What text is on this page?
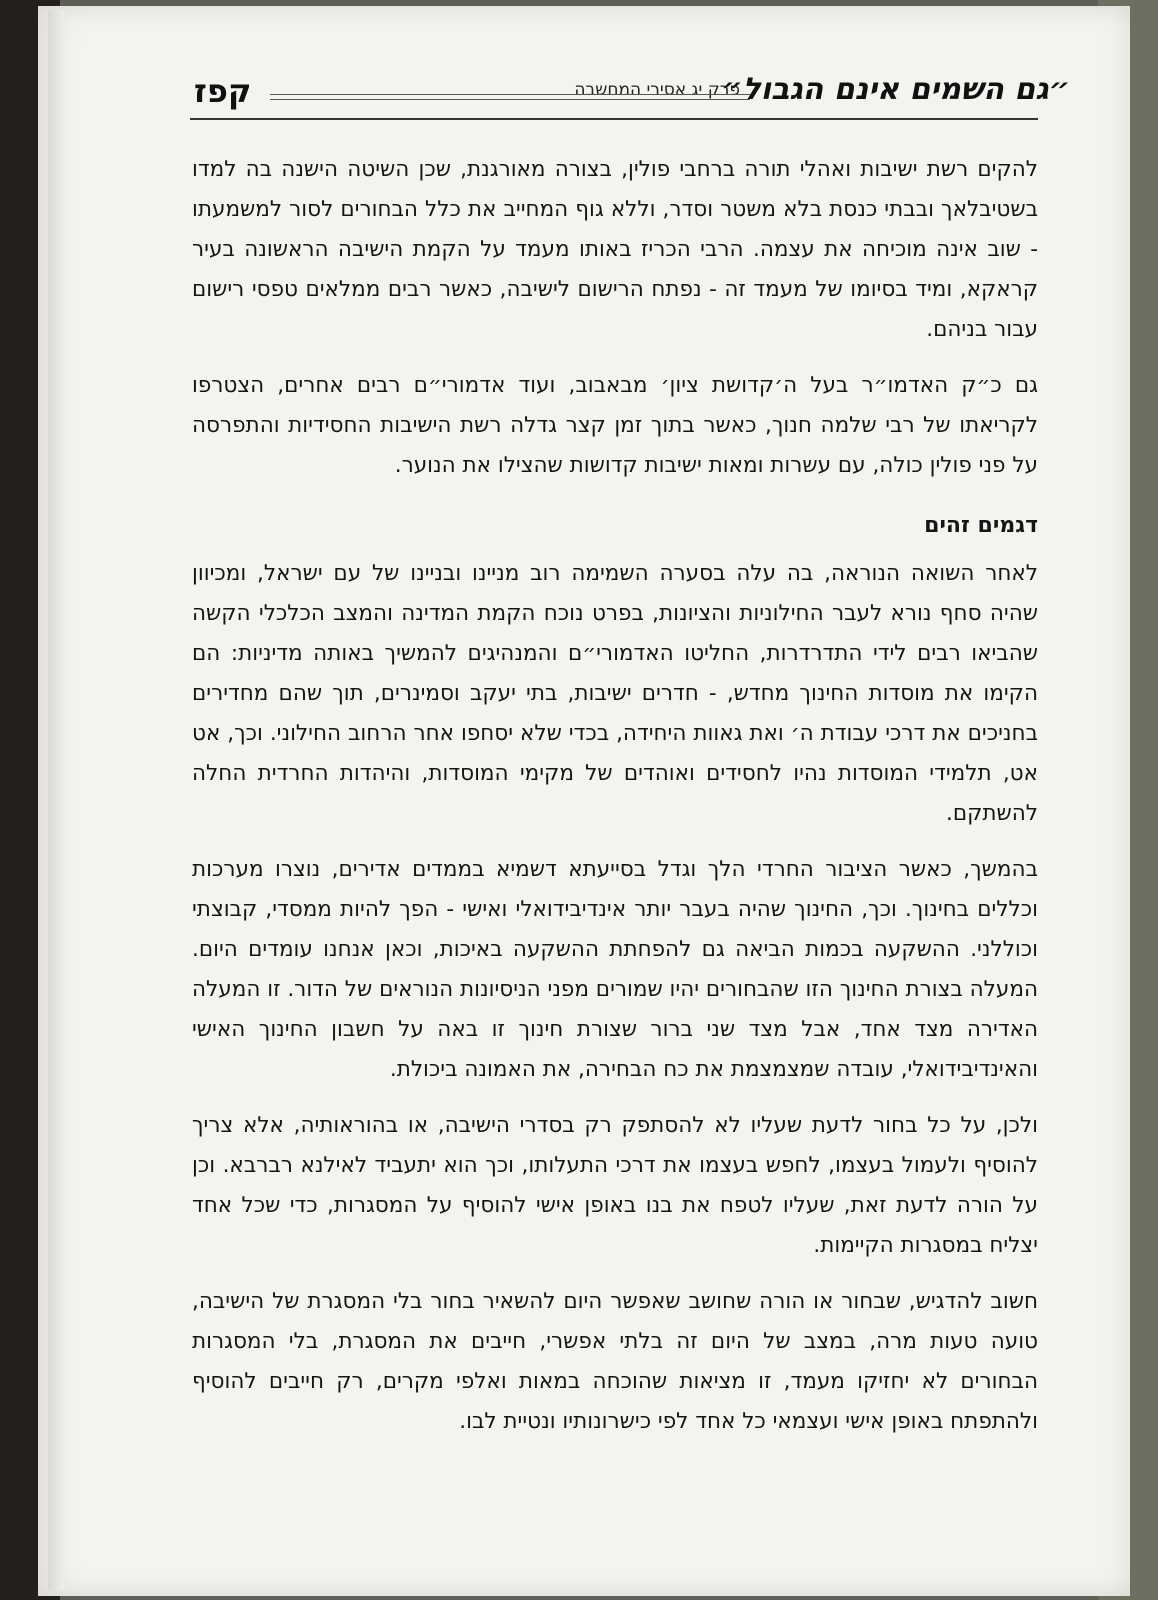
״גם השמים אינם הגבול״
פרק יג אסירי המחשבה
קפז

להקים רשת ישיבות ואהלי תורה ברחבי פולין, בצורה מאורגנת, שכן השיטה הישנה בה למדו בשטיבלאך ובבתי כנסת בלא משטר וסדר, וללא גוף המחייב את כלל הבחורים לסור למשמעתו - שוב אינה מוכיחה את עצמה. הרבי הכריז באותו מעמד על הקמת הישיבה הראשונה בעיר קראקא, ומיד בסיומו של מעמד זה - נפתח הרישום לישיבה, כאשר רבים ממלאים טפסי רישום עבור בניהם.

גם כ״ק האדמו״ר בעל ה׳קדושת ציון׳ מבאבוב, ועוד אדמורי״ם רבים אחרים, הצטרפו לקריאתו של רבי שלמה חנוך, כאשר בתוך זמן קצר גדלה רשת הישיבות החסידיות והתפרסה על פני פולין כולה, עם עשרות ומאות ישיבות קדושות שהצילו את הנוער.

דגמים זהים

לאחר השואה הנוראה, בה עלה בסערה השמימה רוב מניינו ובניינו של עם ישראל, ומכיוון שהיה סחף נורא לעבר החילוניות והציונות, בפרט נוכח הקמת המדינה והמצב הכלכלי הקשה שהביאו רבים לידי התדרדרות, החליטו האדמורי״ם והמנהיגים להמשיך באותה מדיניות: הם הקימו את מוסדות החינוך מחדש, - חדרים ישיבות, בתי יעקב וסמינרים, תוך שהם מחדירים בחניכים את דרכי עבודת ה׳ ואת גאוות היחידה, בכדי שלא יסחפו אחר הרחוב החילוני. וכך, אט אט, תלמידי המוסדות נהיו לחסידים ואוהדים של מקימי המוסדות, והיהדות החרדית החלה להשתקם.

בהמשך, כאשר הציבור החרדי הלך וגדל בסייעתא דשמיא בממדים אדירים, נוצרו מערכות וכללים בחינוך. וכך, החינוך שהיה בעבר יותר אינדיבידואלי ואישי - הפך להיות ממסדי, קבוצתי וכוללני. ההשקעה בכמות הביאה גם להפחתת ההשקעה באיכות, וכאן אנחנו עומדים היום. המעלה בצורת החינוך הזו שהבחורים יהיו שמורים מפני הניסיונות הנוראים של הדור. זו המעלה האדירה מצד אחד, אבל מצד שני ברור שצורת חינוך זו באה על חשבון החינוך האישי והאינדיבידואלי, עובדה שמצמצמת את כח הבחירה, את האמונה ביכולת.

ולכן, על כל בחור לדעת שעליו לא להסתפק רק בסדרי הישיבה, או בהוראותיה, אלא צריך להוסיף ולעמול בעצמו, לחפש בעצמו את דרכי התעלותו, וכך הוא יתעביד לאילנא רברבא. וכן על הורה לדעת זאת, שעליו לטפח את בנו באופן אישי להוסיף על המסגרות, כדי שכל אחד יצליח במסגרות הקיימות.

חשוב להדגיש, שבחור או הורה שחושב שאפשר היום להשאיר בחור בלי המסגרת של הישיבה, טועה טעות מרה, במצב של היום זה בלתי אפשרי, חייבים את המסגרת, בלי המסגרות הבחורים לא יחזיקו מעמד, זו מציאות שהוכחה במאות ואלפי מקרים, רק חייבים להוסיף ולהתפתח באופן אישי ועצמאי כל אחד לפי כישרונותיו ונטיית לבו.
